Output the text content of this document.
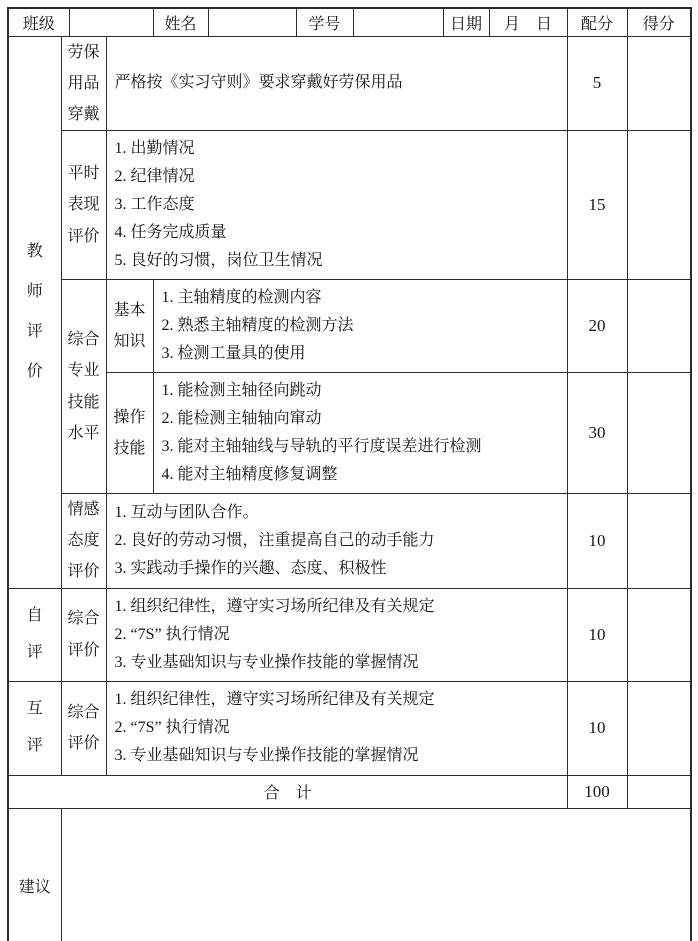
班级				姓名		学号		日期	月　日	配分	得分
教师评价	劳保用品穿戴		严格按《实习守则》要求穿戴好劳保用品							5	
	平时表现评价		1. 出勤情况
2. 纪律情况
3. 工作态度
4. 任务完成质量
5. 良好的习惯，岗位卫生情况							15	
	综合专业技能水平		基本知识	1. 主轴精度的检测内容
2. 熟悉主轴精度的检测方法
3. 检测工量具的使用						20	
			操作技能	1. 能检测主轴径向跳动
2. 能检测主轴轴向窜动
3. 能对主轴轴线与导轨的平行度误差进行检测
4. 能对主轴精度修复调整						30	
	情感态度评价		1. 互动与团队合作。
2. 良好的劳动习惯，注重提高自己的动手能力
3. 实践动手操作的兴趣、态度、积极性							10	
自评	综合评价		1. 组织纪律性，遵守实习场所纪律及有关规定
2. “7S” 执行情况
3. 专业基础知识与专业操作技能的掌握情况							10	
互评	综合评价		1. 组织纪律性，遵守实习场所纪律及有关规定
2. “7S” 执行情况
3. 专业基础知识与专业操作技能的掌握情况							10	
合　计										100	
建议											
